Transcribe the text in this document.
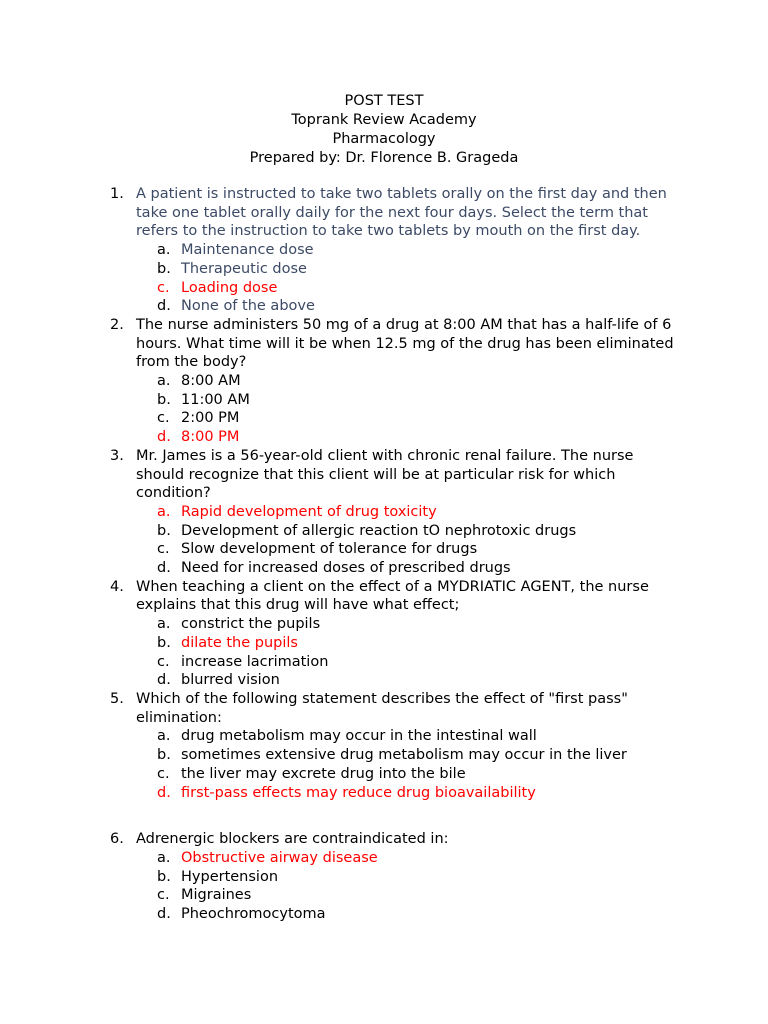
POST TEST
Toprank Review Academy
Pharmacology
Prepared by: Dr. Florence B. Grageda
1. A patient is instructed to take two tablets orally on the first day and then take one tablet orally daily for the next four days. Select the term that refers to the instruction to take two tablets by mouth on the first day.
a. Maintenance dose
b. Therapeutic dose
c. Loading dose
d. None of the above
2. The nurse administers 50 mg of a drug at 8:00 AM that has a half-life of 6 hours. What time will it be when 12.5 mg of the drug has been eliminated from the body?
a. 8:00 AM
b. 11:00 AM
c. 2:00 PM
d. 8:00 PM
3. Mr. James is a 56-year-old client with chronic renal failure. The nurse should recognize that this client will be at particular risk for which condition?
a. Rapid development of drug toxicity
b. Development of allergic reaction tO nephrotoxic drugs
c. Slow development of tolerance for drugs
d. Need for increased doses of prescribed drugs
4. When teaching a client on the effect of a MYDRIATIC AGENT, the nurse explains that this drug will have what effect;
a. constrict the pupils
b. dilate the pupils
c. increase lacrimation
d. blurred vision
5. Which of the following statement describes the effect of "first pass" elimination:
a. drug metabolism may occur in the intestinal wall
b. sometimes extensive drug metabolism may occur in the liver
c. the liver may excrete drug into the bile
d. first-pass effects may reduce drug bioavailability
6. Adrenergic blockers are contraindicated in:
a. Obstructive airway disease
b. Hypertension
c. Migraines
d. Pheochromocytoma
